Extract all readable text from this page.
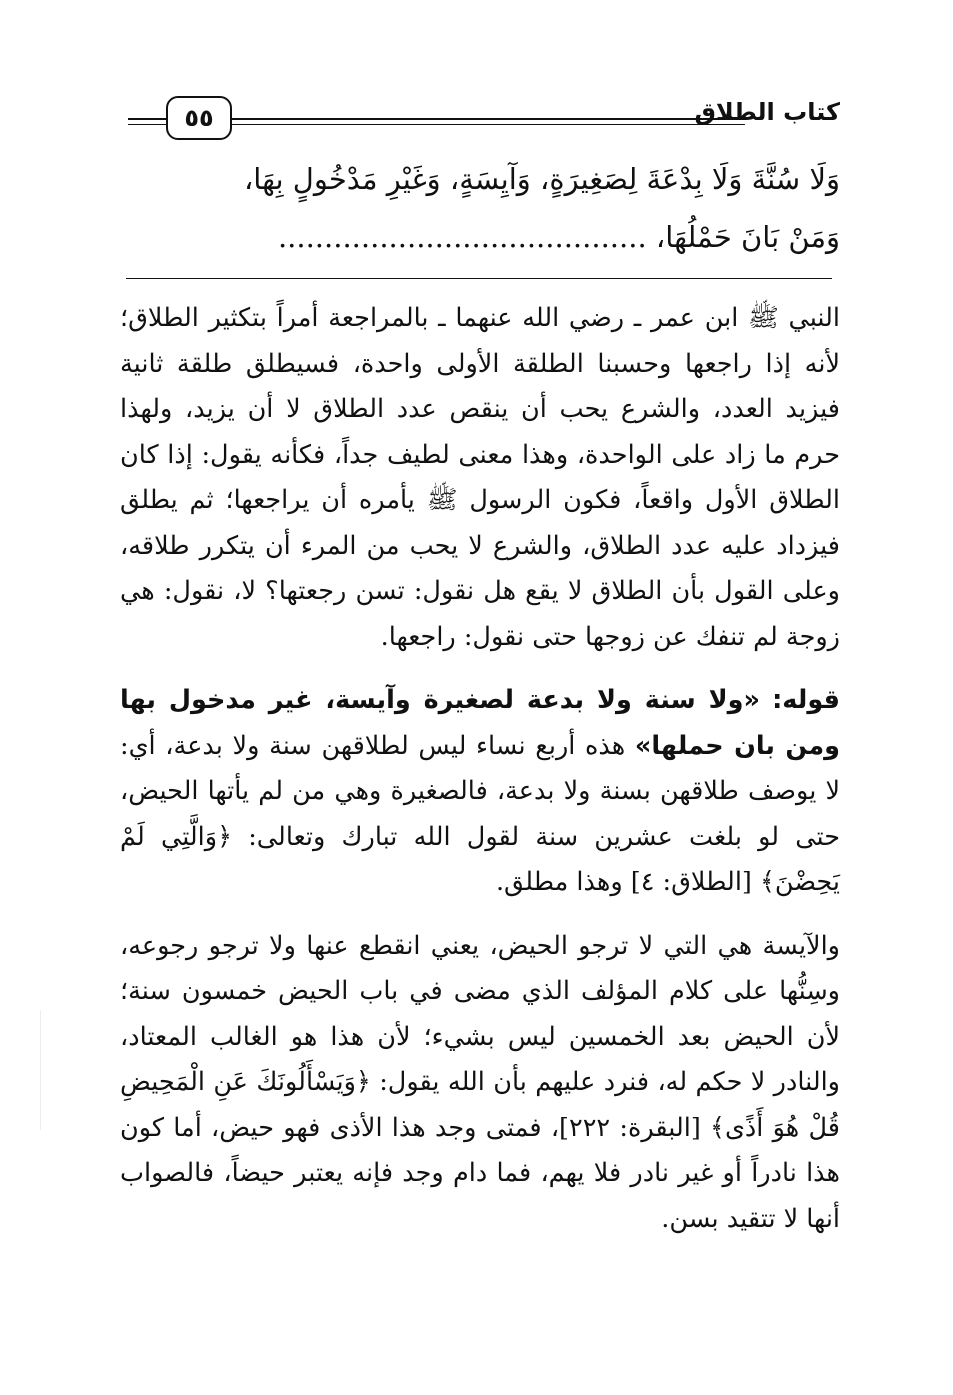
٥٥	كتاب الطلاق
وَلَا سُنَّةَ وَلَا بِدْعَةَ لِصَغِيرَةٍ، وَآيِسَةٍ، وَغَيْرِ مَدْخُولٍ بِهَا،
وَمَنْ بَانَ حَمْلُهَا، ........................................

النبي ﷺ ابن عمر ـ رضي الله عنهما ـ بالمراجعة أمراً بتكثير الطلاق؛ لأنه إذا راجعها وحسبنا الطلقة الأولى واحدة، فسيطلق طلقة ثانية فيزيد العدد، والشرع يحب أن ينقص عدد الطلاق لا أن يزيد، ولهذا حرم ما زاد على الواحدة، وهذا معنى لطيف جداً، فكأنه يقول: إذا كان الطلاق الأول واقعاً، فكون الرسول ﷺ يأمره أن يراجعها؛ ثم يطلق فيزداد عليه عدد الطلاق، والشرع لا يحب من المرء أن يتكرر طلاقه، وعلى القول بأن الطلاق لا يقع هل نقول: تسن رجعتها؟ لا، نقول: هي زوجة لم تنفك عن زوجها حتى نقول: راجعها.

قوله: «ولا سنة ولا بدعة لصغيرة وآيسة، غير مدخول بها ومن بان حملها» هذه أربع نساء ليس لطلاقهن سنة ولا بدعة، أي: لا يوصف طلاقهن بسنة ولا بدعة، فالصغيرة وهي من لم يأتها الحيض، حتى لو بلغت عشرين سنة لقول الله تبارك وتعالى: ﴿وَالَّتِي لَمْ يَحِضْنَ﴾ [الطلاق: ٤] وهذا مطلق.

والآيسة هي التي لا ترجو الحيض، يعني انقطع عنها ولا ترجو رجوعه، وسِنُّها على كلام المؤلف الذي مضى في باب الحيض خمسون سنة؛ لأن الحيض بعد الخمسين ليس بشيء؛ لأن هذا هو الغالب المعتاد، والنادر لا حكم له، فنرد عليهم بأن الله يقول: ﴿وَيَسْأَلُونَكَ عَنِ الْمَحِيضِ قُلْ هُوَ أَذًى﴾ [البقرة: ٢٢٢]، فمتى وجد هذا الأذى فهو حيض، أما كون هذا نادراً أو غير نادر فلا يهم، فما دام وجد فإنه يعتبر حيضاً، فالصواب أنها لا تتقيد بسن.
